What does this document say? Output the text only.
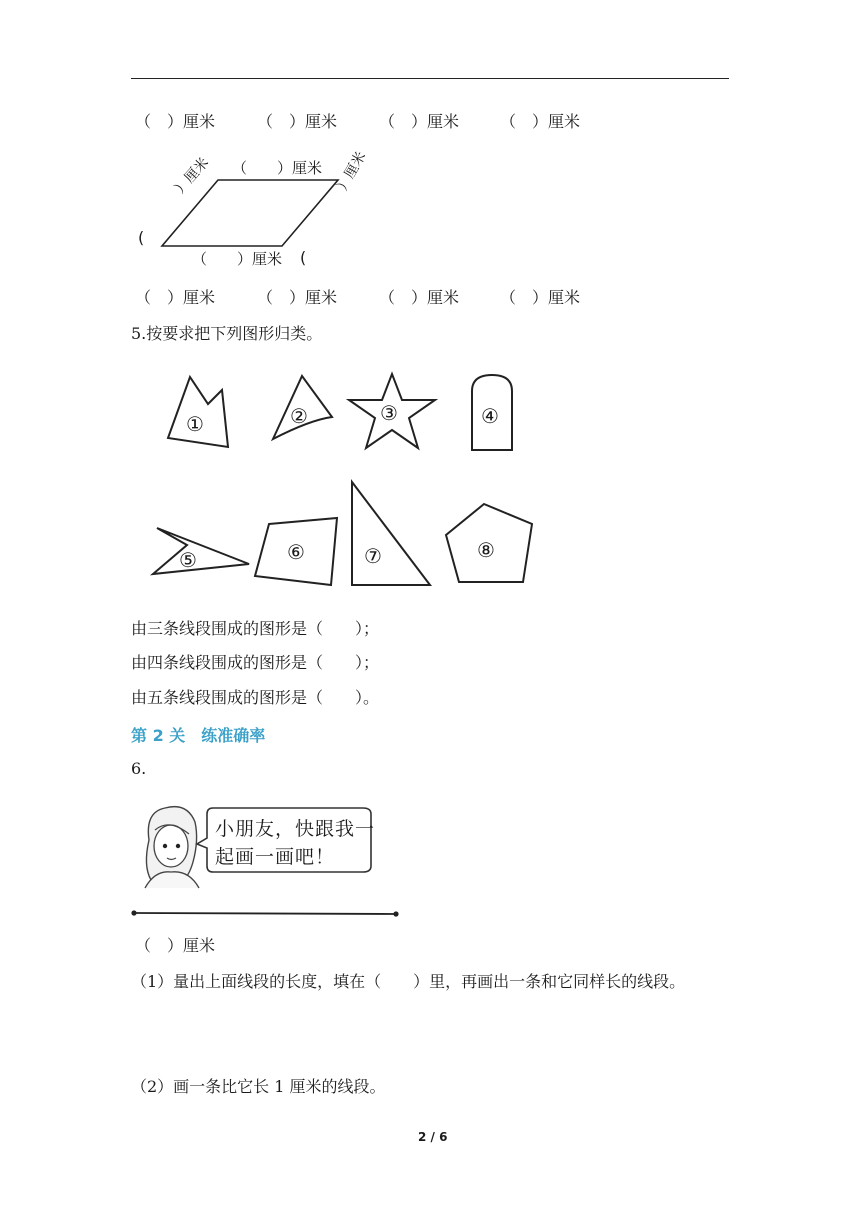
（　）厘米	（　）厘米	（　）厘米	（　）厘米
（　　）厘米
）厘米
(
）厘米
(
（　　）厘米
（　）厘米	（　）厘米	（　）厘米	（　）厘米
5.按要求把下列图形归类。
①	②	③	④
⑤	⑥	⑦	⑧
由三条线段围成的图形是（　　）；
由四条线段围成的图形是（　　）；
由五条线段围成的图形是（　　）。
第 2 关　练准确率
6.
小朋友，快跟我一
起画一画吧！
（　）厘米
（1）量出上面线段的长度，填在（　　）里，再画出一条和它同样长的线段。
（2）画一条比它长 1 厘米的线段。
2 / 6
